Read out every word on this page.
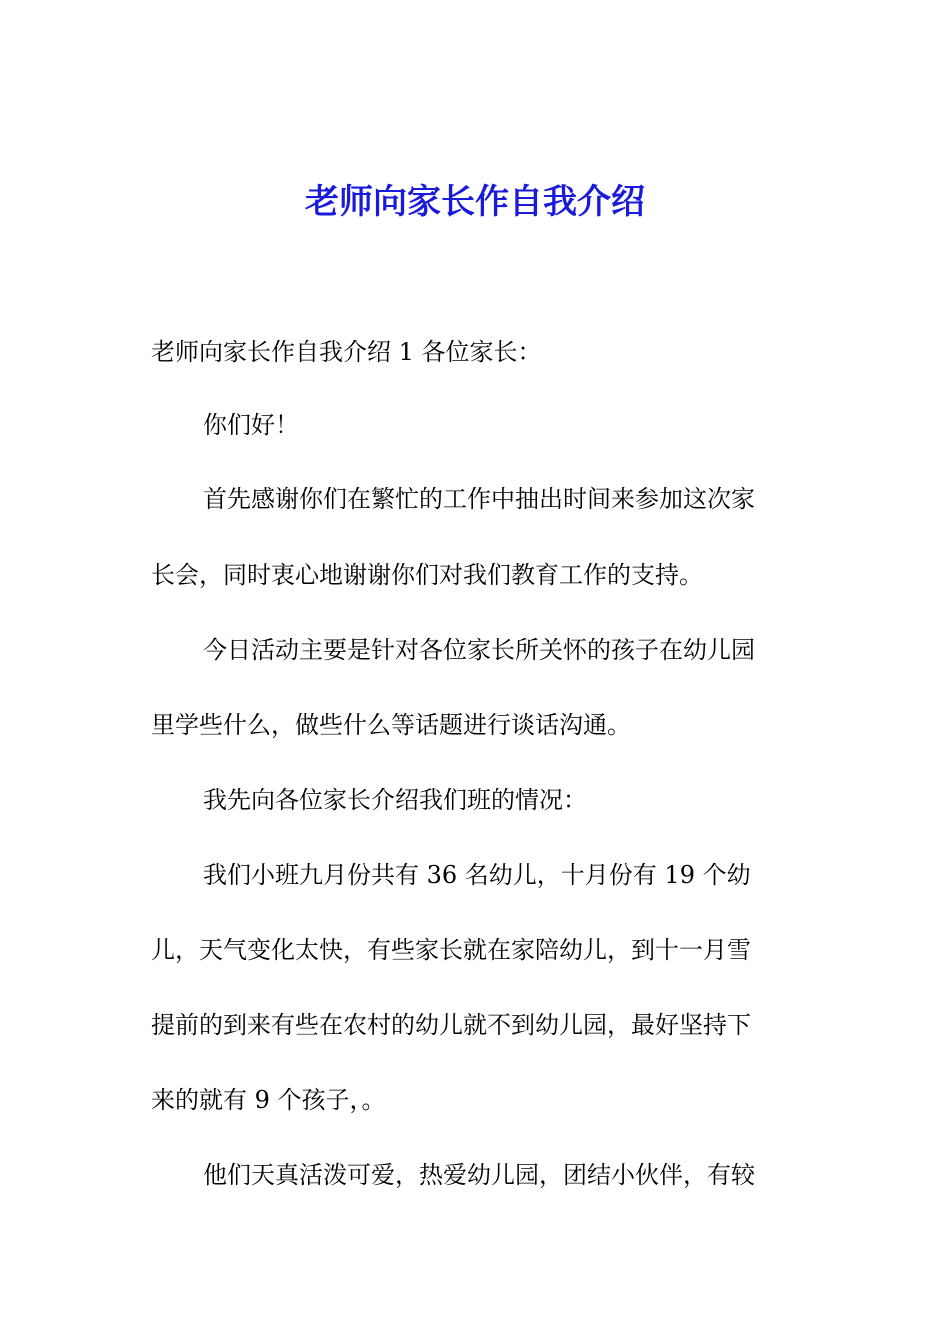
老师向家长作自我介绍

老师向家长作自我介绍 1 各位家长：

你们好！

首先感谢你们在繁忙的工作中抽出时间来参加这次家

长会，同时衷心地谢谢你们对我们教育工作的支持。

今日活动主要是针对各位家长所关怀的孩子在幼儿园

里学些什么，做些什么等话题进行谈话沟通。

我先向各位家长介绍我们班的情况：

我们小班九月份共有 36 名幼儿，十月份有 19 个幼

儿，天气变化太快，有些家长就在家陪幼儿，到十一月雪

提前的到来有些在农村的幼儿就不到幼儿园，最好坚持下

来的就有 9 个孩子，。

他们天真活泼可爱，热爱幼儿园，团结小伙伴，有较
